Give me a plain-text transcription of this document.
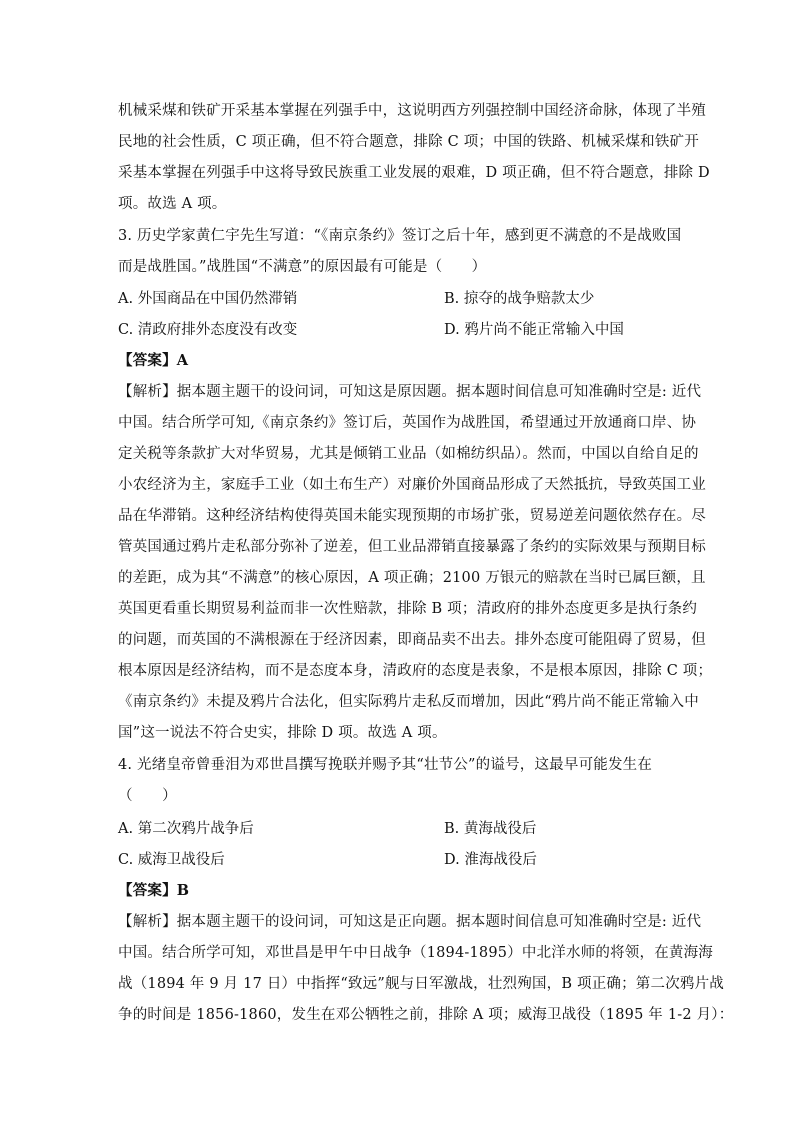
机械采煤和铁矿开采基本掌握在列强手中，这说明西方列强控制中国经济命脉，体现了半殖
民地的社会性质，C 项正确，但不符合题意，排除 C 项；中国的铁路、机械采煤和铁矿开
采基本掌握在列强手中这将导致民族重工业发展的艰难，D 项正确，但不符合题意，排除 D
项。故选 A 项。
3. 历史学家黄仁宇先生写道：“《南京条约》签订之后十年，感到更不满意的不是战败国
而是战胜国。”战胜国“不满意”的原因最有可能是（　　）
A. 外国商品在中国仍然滞销	B. 掠夺的战争赔款太少
C. 清政府排外态度没有改变	D. 鸦片尚不能正常输入中国
【答案】A
【解析】据本题主题干的设问词，可知这是原因题。据本题时间信息可知准确时空是: 近代
中国。结合所学可知,《南京条约》签订后，英国作为战胜国，希望通过开放通商口岸、协
定关税等条款扩大对华贸易，尤其是倾销工业品（如棉纺织品）。然而，中国以自给自足的
小农经济为主，家庭手工业（如土布生产）对廉价外国商品形成了天然抵抗，导致英国工业
品在华滞销。这种经济结构使得英国未能实现预期的市场扩张，贸易逆差问题依然存在。尽
管英国通过鸦片走私部分弥补了逆差，但工业品滞销直接暴露了条约的实际效果与预期目标
的差距，成为其“不满意”的核心原因，A 项正确；2100 万银元的赔款在当时已属巨额，且
英国更看重长期贸易利益而非一次性赔款，排除 B 项；清政府的排外态度更多是执行条约
的问题，而英国的不满根源在于经济因素，即商品卖不出去。排外态度可能阻碍了贸易，但
根本原因是经济结构，而不是态度本身，清政府的态度是表象，不是根本原因，排除 C 项；
《南京条约》未提及鸦片合法化，但实际鸦片走私反而增加，因此“鸦片尚不能正常输入中
国”这一说法不符合史实，排除 D 项。故选 A 项。
4. 光绪皇帝曾垂泪为邓世昌撰写挽联并赐予其“壮节公”的谥号，这最早可能发生在
（　　）
A. 第二次鸦片战争后	B. 黄海战役后
C. 威海卫战役后	D. 淮海战役后
【答案】B
【解析】据本题主题干的设问词，可知这是正向题。据本题时间信息可知准确时空是: 近代
中国。结合所学可知，邓世昌是甲午中日战争（1894-1895）中北洋水师的将领，在黄海海
战（1894 年 9 月 17 日）中指挥“致远”舰与日军激战，壮烈殉国，B 项正确；第二次鸦片战
争的时间是 1856-1860，发生在邓公牺牲之前，排除 A 项；威海卫战役（1895 年 1-2 月）：
